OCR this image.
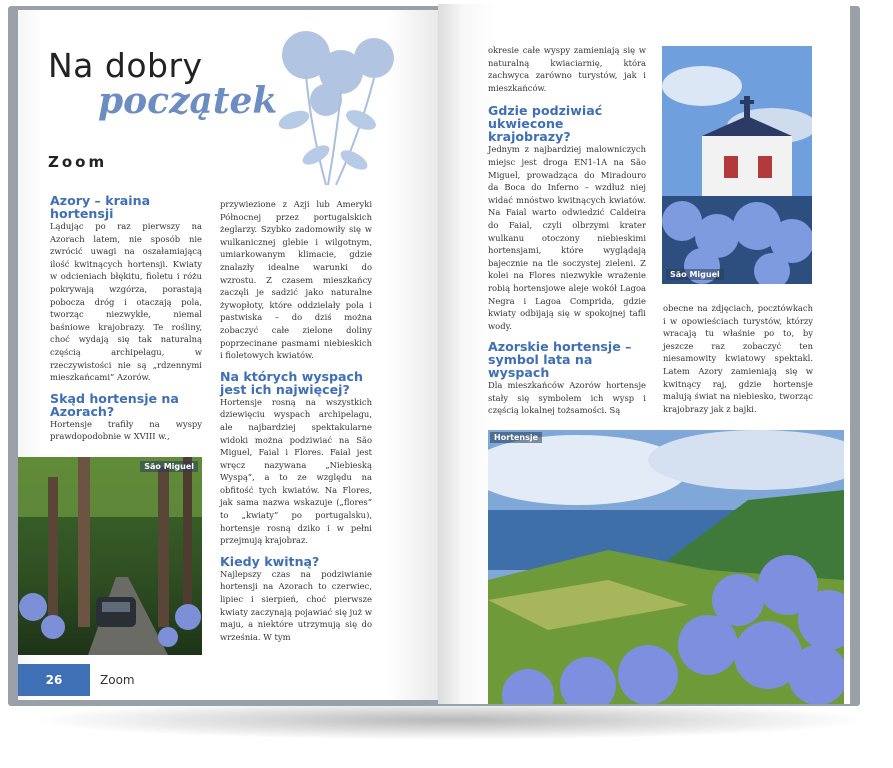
Na dobry
początek
Zoom
Azory – kraina hortensji

Lądując po raz pierwszy na Azorach latem, nie sposób nie zwrócić uwagi na oszałamiającą ilość kwitnących hortensji. Kwiaty w odcieniach błękitu, fioletu i różu pokrywają wzgórza, porastają pobocza dróg i otaczają pola, tworząc niezwykłe, niemal baśniowe krajobrazy. Te rośliny, choć wydają się tak naturalną częścią archipelagu, w rzeczywistości nie są „rdzennymi mieszkańcami” Azorów.

Skąd hortensje na Azorach?

Hortensje trafiły na wyspy prawdopodobnie w XVIII w.,

przywiezione z Azji lub Ameryki Północnej przez portugalskich żeglarzy. Szybko zadomowiły się w wulkanicznej glebie i wilgotnym, umiarkowanym klimacie, gdzie znalazły idealne warunki do wzrostu. Z czasem mieszkańcy zaczęli je sadzić jako naturalne żywopłoty, które oddzielały pola i pastwiska – do dziś można zobaczyć całe zielone doliny poprzecinane pasmami niebieskich i fioletowych kwiatów.

Na których wyspach jest ich najwięcej?

Hortensje rosną na wszystkich dziewięciu wyspach archipelagu, ale najbardziej spektakularne widoki można podziwiać na São Miguel, Faial i Flores. Faial jest wręcz nazywana „Niebieską Wyspą”, a to ze względu na obfitość tych kwiatów. Na Flores, jak sama nazwa wskazuje („flores” to „kwiaty” po portugalsku), hortensje rosną dziko i w pełni przejmują krajobraz.

Kiedy kwitną?

Najlepszy czas na podziwianie hortensji na Azorach to czerwiec, lipiec i sierpień, choć pierwsze kwiaty zaczynają pojawiać się już w maju, a niektóre utrzymują się do września. W tym

São Miguel
26	Zoom

okresie całe wyspy zamieniają się w naturalną kwiaciarnię, która zachwyca zarówno turystów, jak i mieszkańców.

Gdzie podziwiać ukwiecone krajobrazy?

Jednym z najbardziej malowniczych miejsc jest droga EN1-1A na São Miguel, prowadząca do Miradouro da Boca do Inferno – wzdłuż niej widać mnóstwo kwitnących kwiatów. Na Faial warto odwiedzić Caldeira do Faial, czyli olbrzymi krater wulkanu otoczony niebieskimi hortensjami, które wyglądają bajecznie na tle soczystej zieleni. Z kolei na Flores niezwykłe wrażenie robią hortensjowe aleje wokół Lagoa Negra i Lagoa Comprida, gdzie kwiaty odbijają się w spokojnej tafli wody.

Azorskie hortensje – symbol lata na wyspach

Dla mieszkańców Azorów hortensje stały się symbolem ich wysp i częścią lokalnej tożsamości. Są

São Miguel

obecne na zdjęciach, pocztówkach i w opowieściach turystów, którzy wracają tu właśnie po to, by jeszcze raz zobaczyć ten niesamowity kwiatowy spektakl. Latem Azory zamieniają się w kwitnący raj, gdzie hortensje malują świat na niebiesko, tworząc krajobrazy jak z bajki.

Hortensje
